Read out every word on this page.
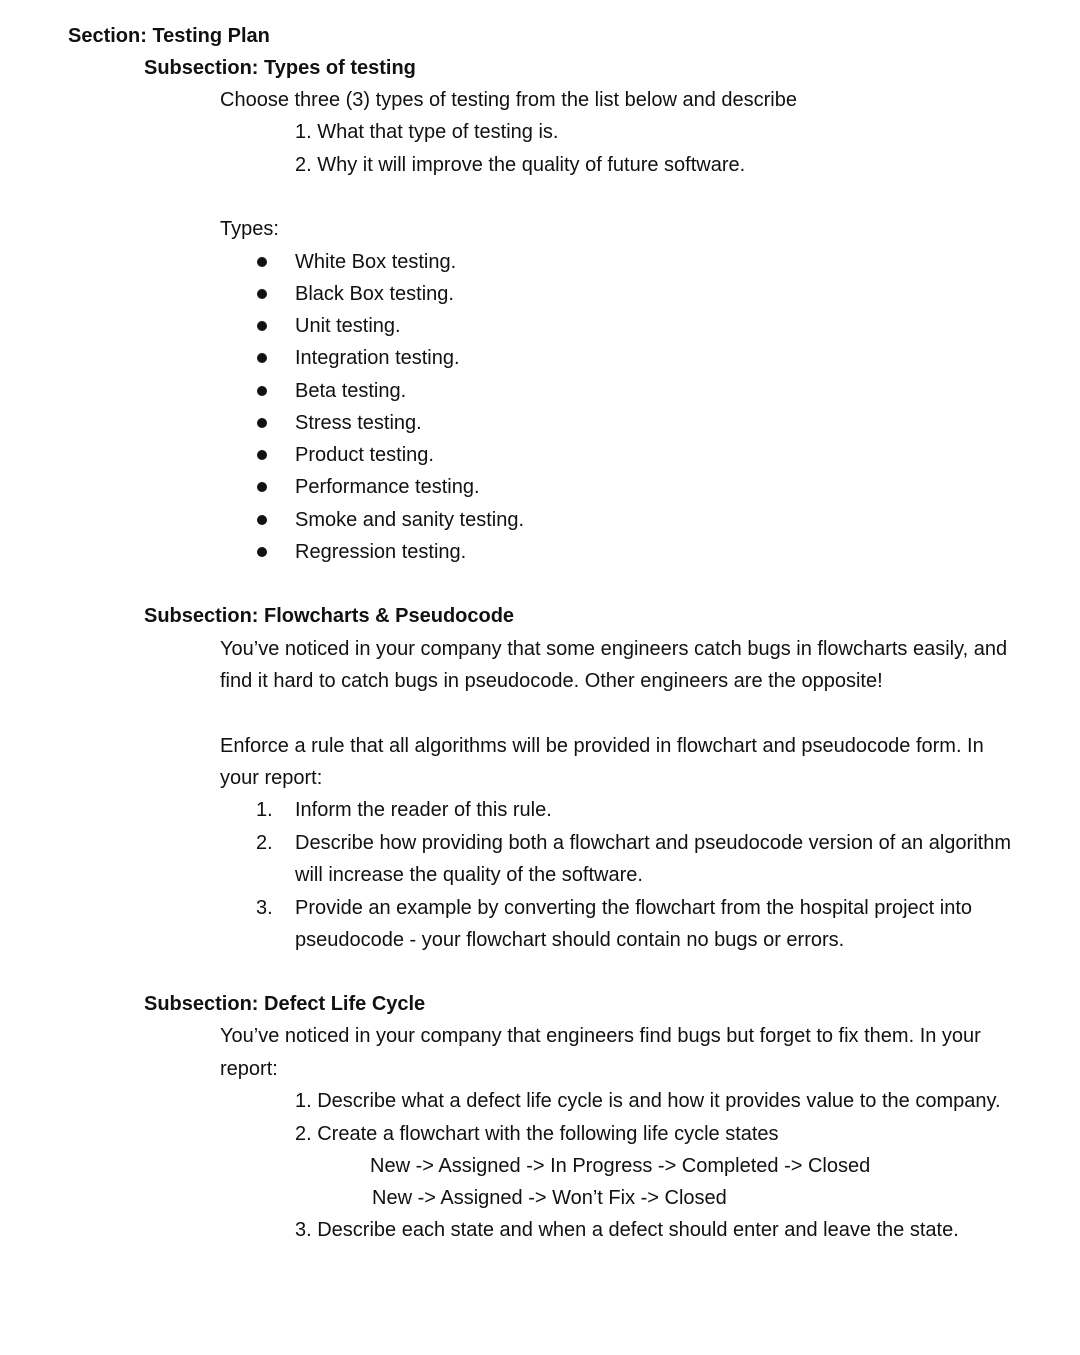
Section: Testing Plan
Subsection: Types of testing
Choose three (3) types of testing from the list below and describe
1. What that type of testing is.
2. Why it will improve the quality of future software.
Types:
White Box testing.
Black Box testing.
Unit testing.
Integration testing.
Beta testing.
Stress testing.
Product testing.
Performance testing.
Smoke and sanity testing.
Regression testing.
Subsection: Flowcharts & Pseudocode
You’ve noticed in your company that some engineers catch bugs in flowcharts easily, and
find it hard to catch bugs in pseudocode. Other engineers are the opposite!
Enforce a rule that all algorithms will be provided in flowchart and pseudocode form. In
your report:
1. Inform the reader of this rule.
2. Describe how providing both a flowchart and pseudocode version of an algorithm
will increase the quality of the software.
3. Provide an example by converting the flowchart from the hospital project into
pseudocode - your flowchart should contain no bugs or errors.
Subsection: Defect Life Cycle
You’ve noticed in your company that engineers find bugs but forget to fix them. In your
report:
1. Describe what a defect life cycle is and how it provides value to the company.
2. Create a flowchart with the following life cycle states
New -> Assigned -> In Progress -> Completed -> Closed
New -> Assigned -> Won’t Fix -> Closed
3. Describe each state and when a defect should enter and leave the state.
